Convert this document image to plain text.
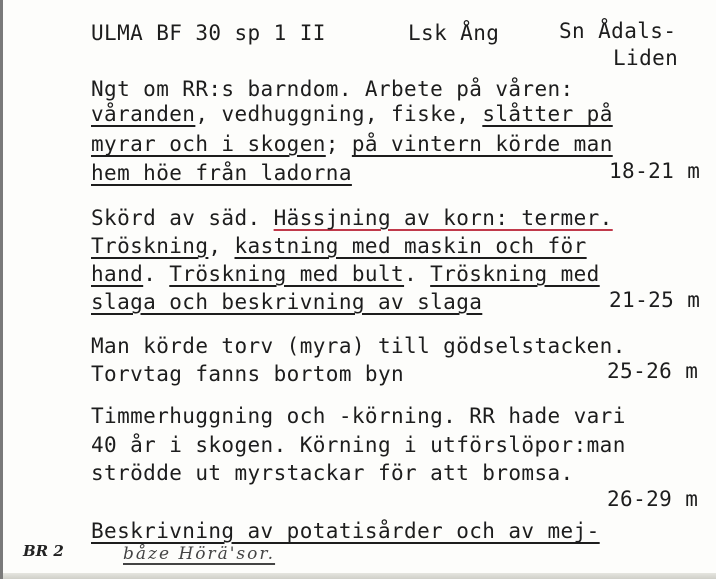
ULMA BF 30 sp 1 II	Lsk Ång	Sn Ådals-
Liden
Ngt om RR:s barndom. Arbete på våren:
våranden, vedhuggning, fiske, slåtter på
myrar och i skogen; på vintern körde man
hem höe från ladorna	18-21 m
Skörd av säd. Hässjning av korn: termer.
Tröskning, kastning med maskin och för
hand. Tröskning med bult. Tröskning med
slaga och beskrivning av slaga	21-25 m
Man körde torv (myra) till gödselstacken.
Torvtag fanns bortom byn	25-26 m
Timmerhuggning och -körning. RR hade vari
40 år i skogen. Körning i utförslöpor:man
strödde ut myrstackar för att bromsa.
26-29 m
Beskrivning av potatisårder och av mej-
båze Hörä'sor.
BR 2
